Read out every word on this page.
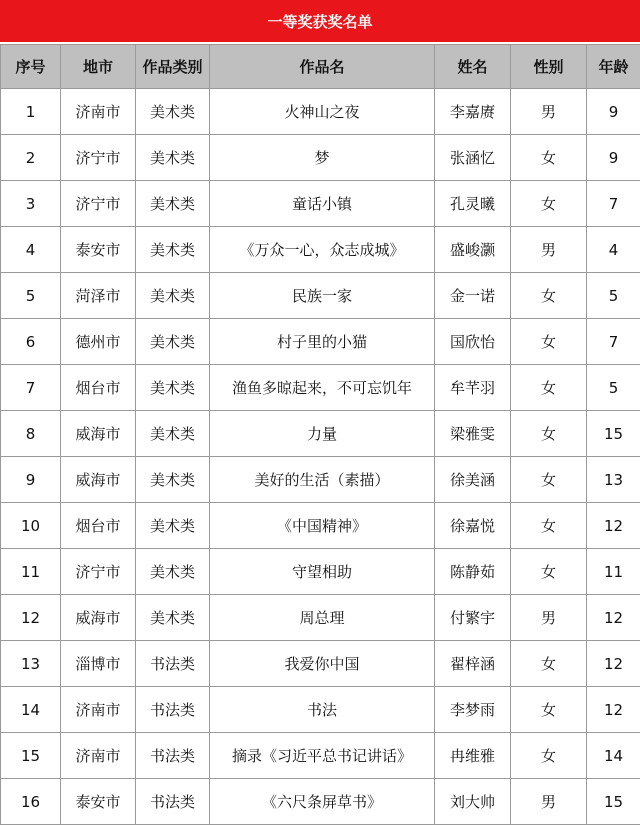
一等奖获奖名单
序号	地市	作品类别	作品名	姓名	性别	年龄
1	济南市	美术类	火神山之夜	李嘉赓	男	9
2	济宁市	美术类	梦	张涵忆	女	9
3	济宁市	美术类	童话小镇	孔灵曦	女	7
4	泰安市	美术类	《万众一心，众志成城》	盛峻灏	男	4
5	菏泽市	美术类	民族一家	金一诺	女	5
6	德州市	美术类	村子里的小猫	国欣怡	女	7
7	烟台市	美术类	渔鱼多晾起来，不可忘饥年	牟芊羽	女	5
8	威海市	美术类	力量	梁雅雯	女	15
9	威海市	美术类	美好的生活（素描）	徐美涵	女	13
10	烟台市	美术类	《中国精神》	徐嘉悦	女	12
11	济宁市	美术类	守望相助	陈静茹	女	11
12	威海市	美术类	周总理	付繁宇	男	12
13	淄博市	书法类	我爱你中国	翟梓涵	女	12
14	济南市	书法类	书法	李梦雨	女	12
15	济南市	书法类	摘录《习近平总书记讲话》	冉维雅	女	14
16	泰安市	书法类	《六尺条屏草书》	刘大帅	男	15
